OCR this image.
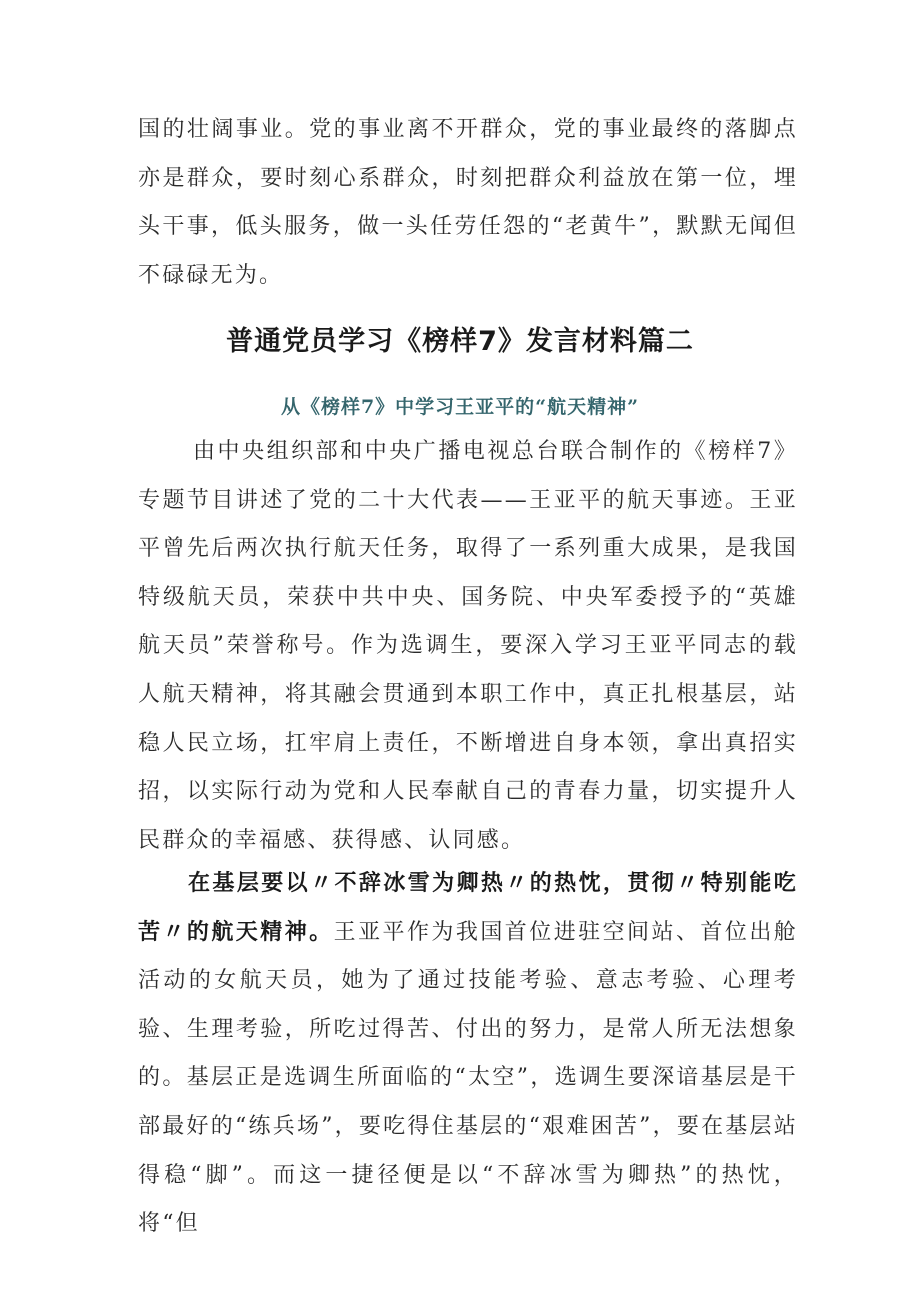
国的壮阔事业。党的事业离不开群众，党的事业最终的落脚点亦是群众，要时刻心系群众，时刻把群众利益放在第一位，埋头干事，低头服务，做一头任劳任怨的“老黄牛”，默默无闻但不碌碌无为。

普通党员学习《榜样7》发言材料篇二
从《榜样7》中学习王亚平的“航天精神”

由中央组织部和中央广播电视总台联合制作的《榜样7》专题节目讲述了党的二十大代表——王亚平的航天事迹。王亚平曾先后两次执行航天任务，取得了一系列重大成果，是我国特级航天员，荣获中共中央、国务院、中央军委授予的“英雄航天员”荣誉称号。作为选调生，要深入学习王亚平同志的载人航天精神，将其融会贯通到本职工作中，真正扎根基层，站稳人民立场，扛牢肩上责任，不断增进自身本领，拿出真招实招，以实际行动为党和人民奉献自己的青春力量，切实提升人民群众的幸福感、获得感、认同感。

在基层要以〃不辞冰雪为卿热〃的热忱，贯彻〃特别能吃苦〃的航天精神。王亚平作为我国首位进驻空间站、首位出舱活动的女航天员，她为了通过技能考验、意志考验、心理考验、生理考验，所吃过得苦、付出的努力，是常人所无法想象的。基层正是选调生所面临的“太空”，选调生要深谙基层是干部最好的“练兵场”，要吃得住基层的“艰难困苦”，要在基层站得稳“脚”。而这一捷径便是以“不辞冰雪为卿热”的热忱，将“但
